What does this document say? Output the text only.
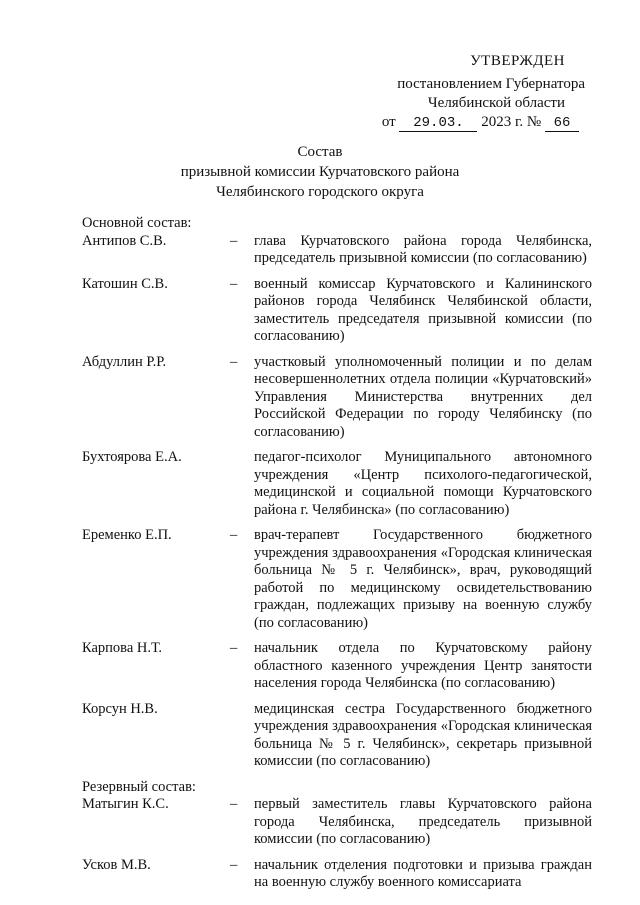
УТВЕРЖДЕН
постановлением Губернатора
Челябинской области
от 29.03. 2023 г. № 66
Состав
призывной комиссии Курчатовского района
Челябинского городского округа
Основной состав:
Антипов С.В.	–	глава Курчатовского района города Челябинска, председатель призывной комиссии (по согласованию)
Катошин С.В.	–	военный комиссар Курчатовского и Калининского районов города Челябинск Челябинской области, заместитель председателя призывной комиссии (по согласованию)
Абдуллин Р.Р.	–	участковый уполномоченный полиции и по делам несовершеннолетних отдела полиции «Курчатовский» Управления Министерства внутренних дел Российской Федерации по городу Челябинску (по согласованию)
Бухтоярова Е.А.	педагог-психолог Муниципального автономного учреждения «Центр психолого-педагогической, медицинской и социальной помощи Курчатовского района г. Челябинска» (по согласованию)
Еременко Е.П.	–	врач-терапевт Государственного бюджетного учреждения здравоохранения «Городская клиническая больница № 5 г. Челябинск», врач, руководящий работой по медицинскому освидетельствованию граждан, подлежащих призыву на военную службу (по согласованию)
Карпова Н.Т.	–	начальник отдела по Курчатовскому району областного казенного учреждения Центр занятости населения города Челябинска (по согласованию)
Корсун Н.В.	медицинская сестра Государственного бюджетного учреждения здравоохранения «Городская клиническая больница № 5 г. Челябинск», секретарь призывной комиссии (по согласованию)
Резервный состав:
Матыгин К.С.	–	первый заместитель главы Курчатовского района города Челябинска, председатель призывной комиссии (по согласованию)
Усков М.В.	–	начальник отделения подготовки и призыва граждан на военную службу военного комиссариата
